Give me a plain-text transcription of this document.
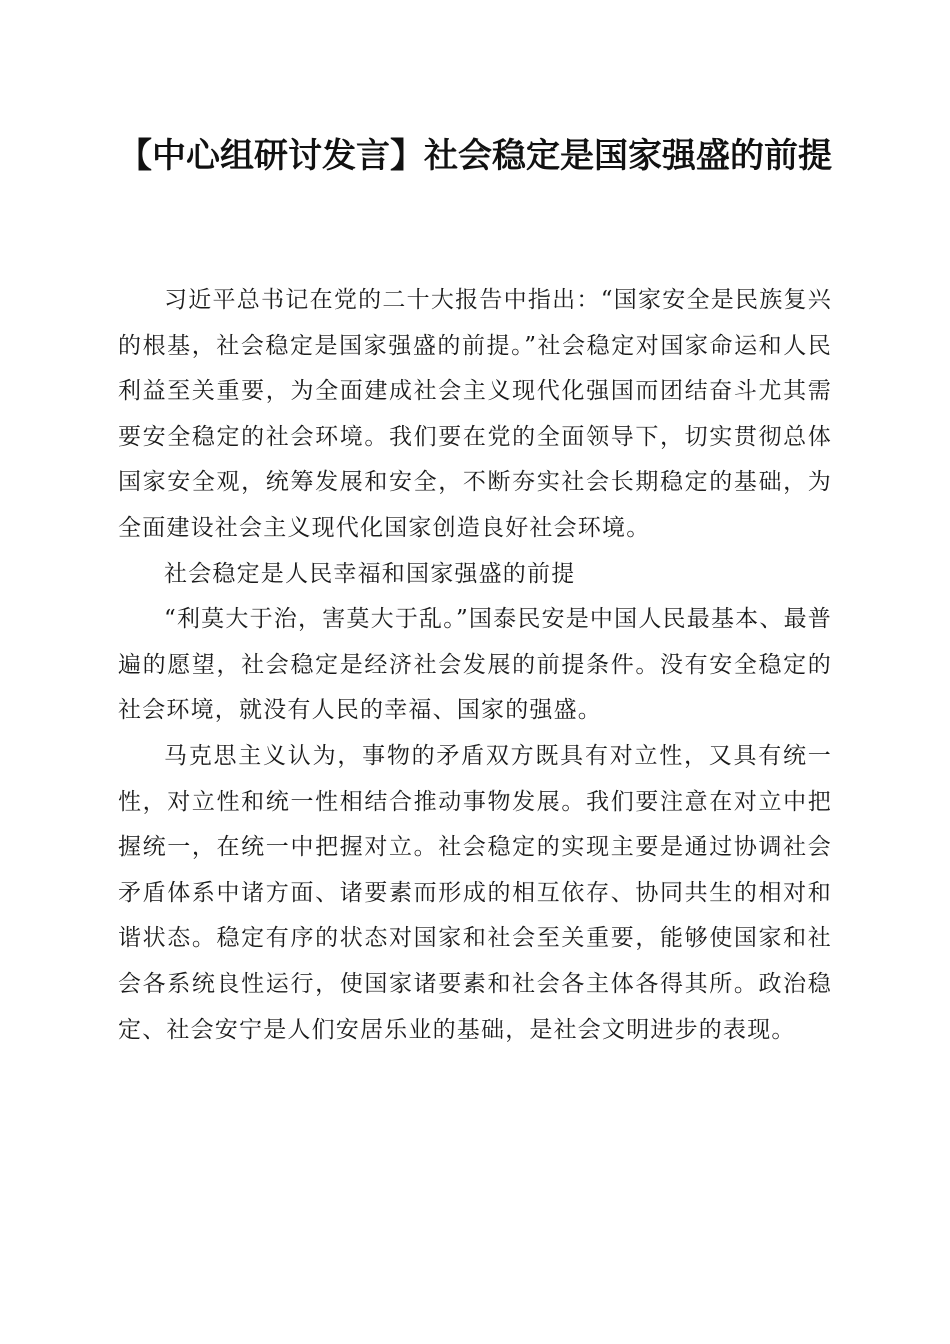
【中心组研讨发言】社会稳定是国家强盛的前提

习近平总书记在党的二十大报告中指出：“国家安全是民族复兴的根基，社会稳定是国家强盛的前提。”社会稳定对国家命运和人民利益至关重要，为全面建成社会主义现代化强国而团结奋斗尤其需要安全稳定的社会环境。我们要在党的全面领导下，切实贯彻总体国家安全观，统筹发展和安全，不断夯实社会长期稳定的基础，为全面建设社会主义现代化国家创造良好社会环境。

社会稳定是人民幸福和国家强盛的前提

“利莫大于治，害莫大于乱。”国泰民安是中国人民最基本、最普遍的愿望，社会稳定是经济社会发展的前提条件。没有安全稳定的社会环境，就没有人民的幸福、国家的强盛。

马克思主义认为，事物的矛盾双方既具有对立性，又具有统一性，对立性和统一性相结合推动事物发展。我们要注意在对立中把握统一，在统一中把握对立。社会稳定的实现主要是通过协调社会矛盾体系中诸方面、诸要素而形成的相互依存、协同共生的相对和谐状态。稳定有序的状态对国家和社会至关重要，能够使国家和社会各系统良性运行，使国家诸要素和社会各主体各得其所。政治稳定、社会安宁是人们安居乐业的基础，是社会文明进步的表现。
